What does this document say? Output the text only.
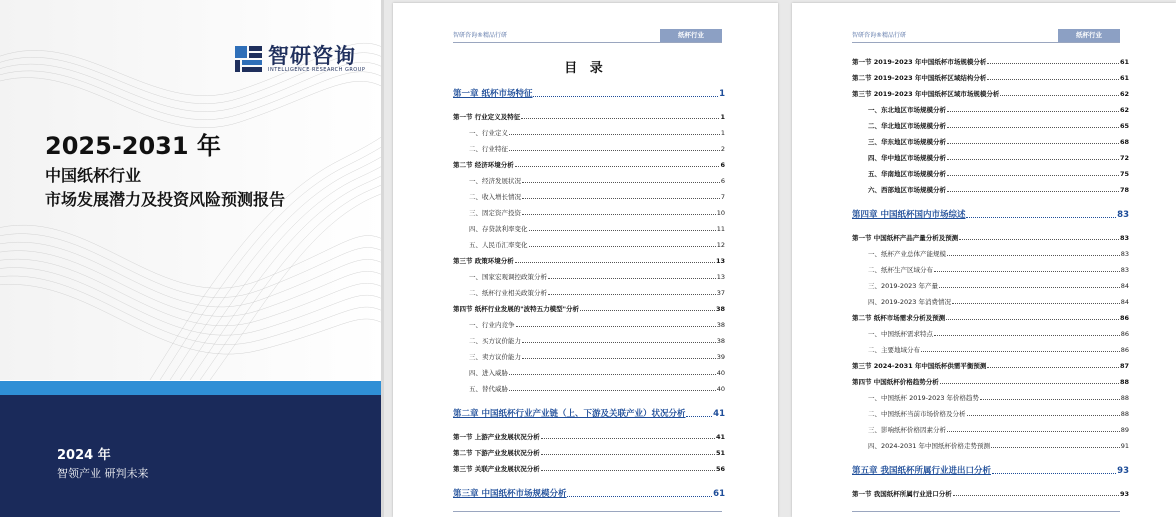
智研咨询
INTELLIGENCE RESEARCH GROUP
2025-2031 年
中国纸杯行业
市场发展潜力及投资风险预测报告
2024 年
智领产业 研判未来
智研咨询®精品行研	纸杯行业
目 录
第一章 纸杯市场特征	1
第一节 行业定义及特征	1
一、行业定义	1
二、行业特征	2
第二节 经济环境分析	6
一、经济发展状况	6
二、收入增长情况	7
三、固定资产投资	10
四、存贷款利率变化	11
五、人民币汇率变化	12
第三节 政策环境分析	13
一、国家宏观调控政策分析	13
二、纸杯行业相关政策分析	37
第四节 纸杯行业发展的"波特五力模型"分析	38
一、行业内竞争	38
二、买方议价能力	38
三、卖方议价能力	39
四、进入威胁	40
五、替代威胁	40
第二章 中国纸杯行业产业链（上、下游及关联产业）状况分析	41
第一节 上游产业发展状况分析	41
第二节 下游产业发展状况分析	51
第三节 关联产业发展状况分析	56
第三章 中国纸杯市场规模分析	61
智研咨询®精品行研	纸杯行业
第一节 2019-2023 年中国纸杯市场规模分析	61
第二节 2019-2023 年中国纸杯区域结构分析	61
第三节 2019-2023 年中国纸杯区域市场规模分析	62
一、东北地区市场规模分析	62
二、华北地区市场规模分析	65
三、华东地区市场规模分析	68
四、华中地区市场规模分析	72
五、华南地区市场规模分析	75
六、西部地区市场规模分析	78
第四章 中国纸杯国内市场综述	83
第一节 中国纸杯产品产量分析及预测	83
一、纸杯产业总体产能规模	83
二、纸杯生产区域分布	83
三、2019-2023 年产量	84
四、2019-2023 年消费情况	84
第二节 纸杯市场需求分析及预测	86
一、中国纸杯需求特点	86
二、主要地域分布	86
第三节 2024-2031 年中国纸杯供需平衡预测	87
第四节 中国纸杯价格趋势分析	88
一、中国纸杯 2019-2023 年价格趋势	88
二、中国纸杯当前市场价格及分析	88
三、影响纸杯价格因素分析	89
四、2024-2031 年中国纸杯价格走势预测	91
第五章 我国纸杯所属行业进出口分析	93
第一节 我国纸杯所属行业进口分析	93
